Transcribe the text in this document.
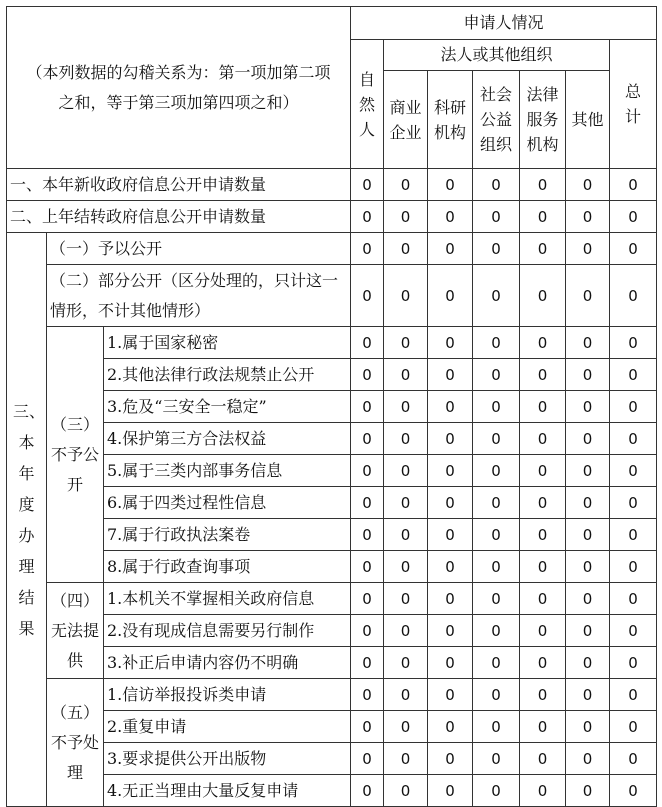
（本列数据的勾稽关系为：第一项加第二项之和，等于第三项加第四项之和）			申请人情况						
			自然人	法人或其他组织					总计
				商业企业	科研机构	社会公益组织	法律服务机构	其他	

一、本年新收政府信息公开申请数量			0	0	0	0	0	0	0
二、上年结转政府信息公开申请数量			0	0	0	0	0	0	0
三、本年度办理结果	（一）予以公开		0	0	0	0	0	0	0
	（二）部分公开（区分处理的，只计这一情形，不计其他情形）		0	0	0	0	0	0	0
	（三）不予公开	1.属于国家秘密	0	0	0	0	0	0	0
		2.其他法律行政法规禁止公开	0	0	0	0	0	0	0
		3.危及“三安全一稳定”	0	0	0	0	0	0	0
		4.保护第三方合法权益	0	0	0	0	0	0	0
		5.属于三类内部事务信息	0	0	0	0	0	0	0
		6.属于四类过程性信息	0	0	0	0	0	0	0
		7.属于行政执法案卷	0	0	0	0	0	0	0
		8.属于行政查询事项	0	0	0	0	0	0	0
	（四）无法提供	1.本机关不掌握相关政府信息	0	0	0	0	0	0	0
		2.没有现成信息需要另行制作	0	0	0	0	0	0	0
		3.补正后申请内容仍不明确	0	0	0	0	0	0	0
	（五）不予处理	1.信访举报投诉类申请	0	0	0	0	0	0	0
		2.重复申请	0	0	0	0	0	0	0
		3.要求提供公开出版物	0	0	0	0	0	0	0
		4.无正当理由大量反复申请	0	0	0	0	0	0	0
